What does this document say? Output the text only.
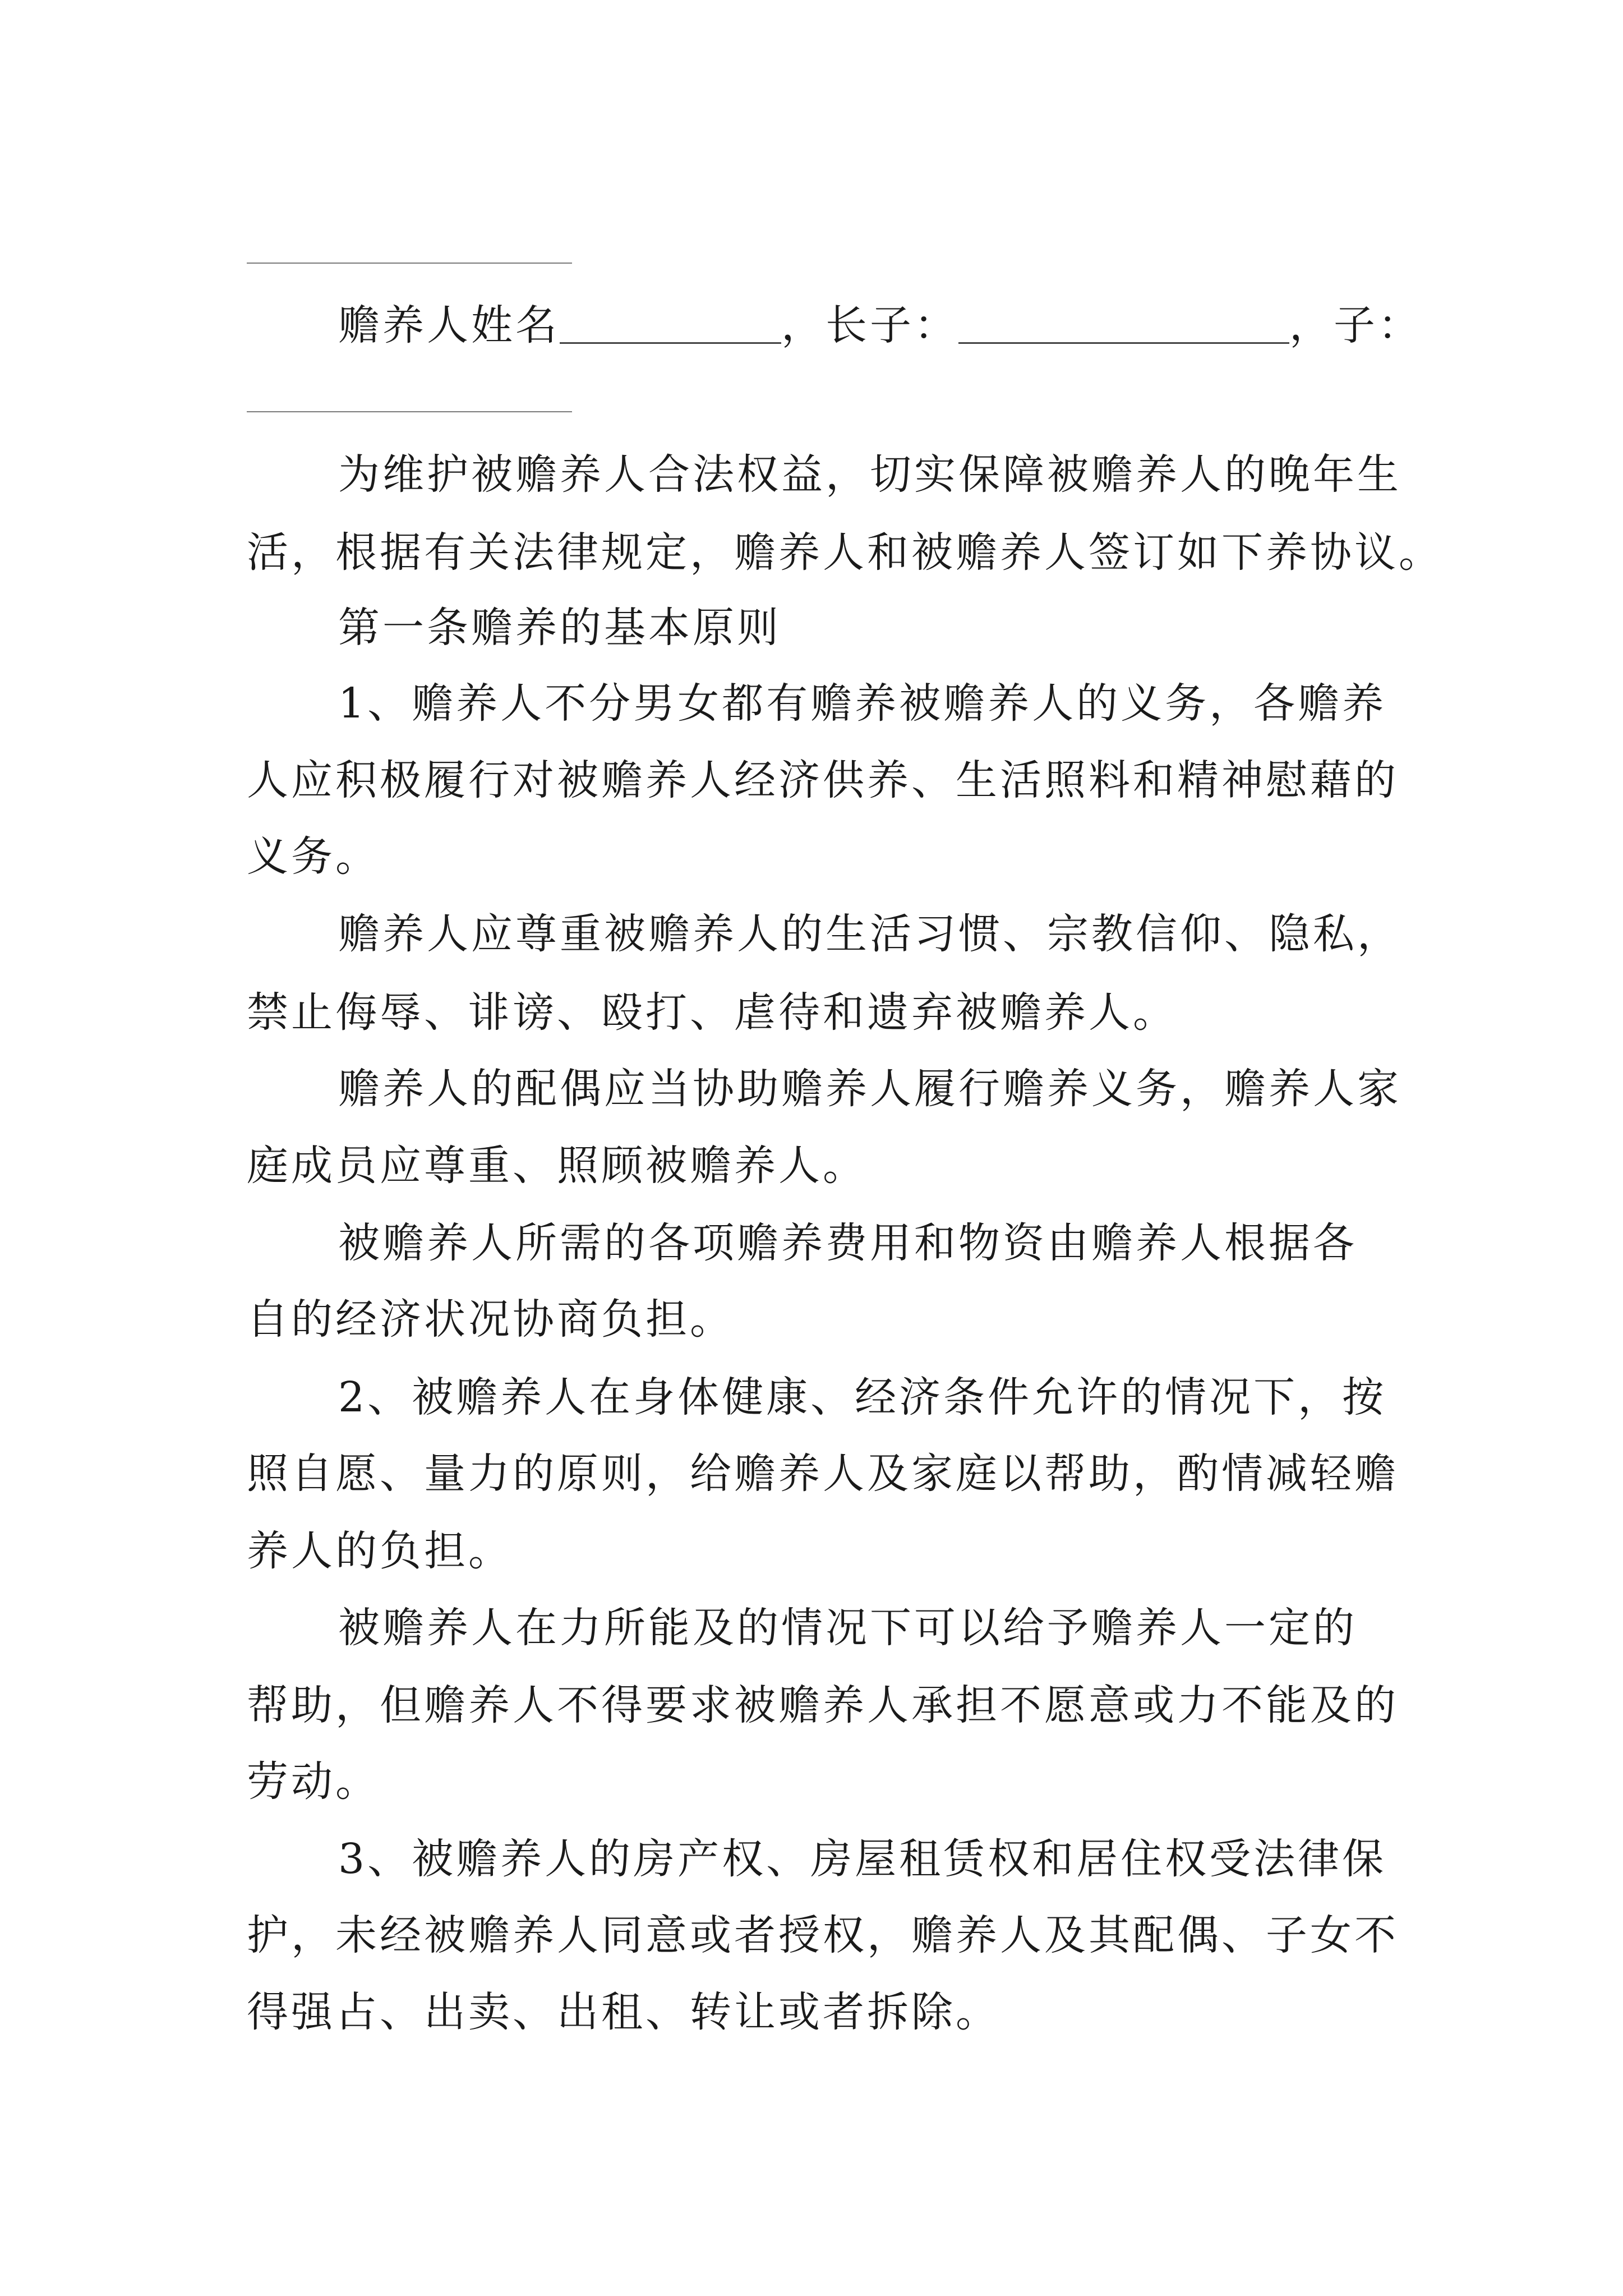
赡养人姓名	，长子：	，子：
为维护被赡养人合法权益，切实保障被赡养人的晚年生
活，根据有关法律规定，赡养人和被赡养人签订如下养协议。
第一条赡养的基本原则
1、赡养人不分男女都有赡养被赡养人的义务，各赡养
人应积极履行对被赡养人经济供养、生活照料和精神慰藉的
义务。
赡养人应尊重被赡养人的生活习惯、宗教信仰、隐私，
禁止侮辱、诽谤、殴打、虐待和遗弃被赡养人。
赡养人的配偶应当协助赡养人履行赡养义务，赡养人家
庭成员应尊重、照顾被赡养人。
被赡养人所需的各项赡养费用和物资由赡养人根据各
自的经济状况协商负担。
2、被赡养人在身体健康、经济条件允许的情况下，按
照自愿、量力的原则，给赡养人及家庭以帮助，酌情减轻赡
养人的负担。
被赡养人在力所能及的情况下可以给予赡养人一定的
帮助，但赡养人不得要求被赡养人承担不愿意或力不能及的
劳动。
3、被赡养人的房产权、房屋租赁权和居住权受法律保
护，未经被赡养人同意或者授权，赡养人及其配偶、子女不
得强占、出卖、出租、转让或者拆除。
